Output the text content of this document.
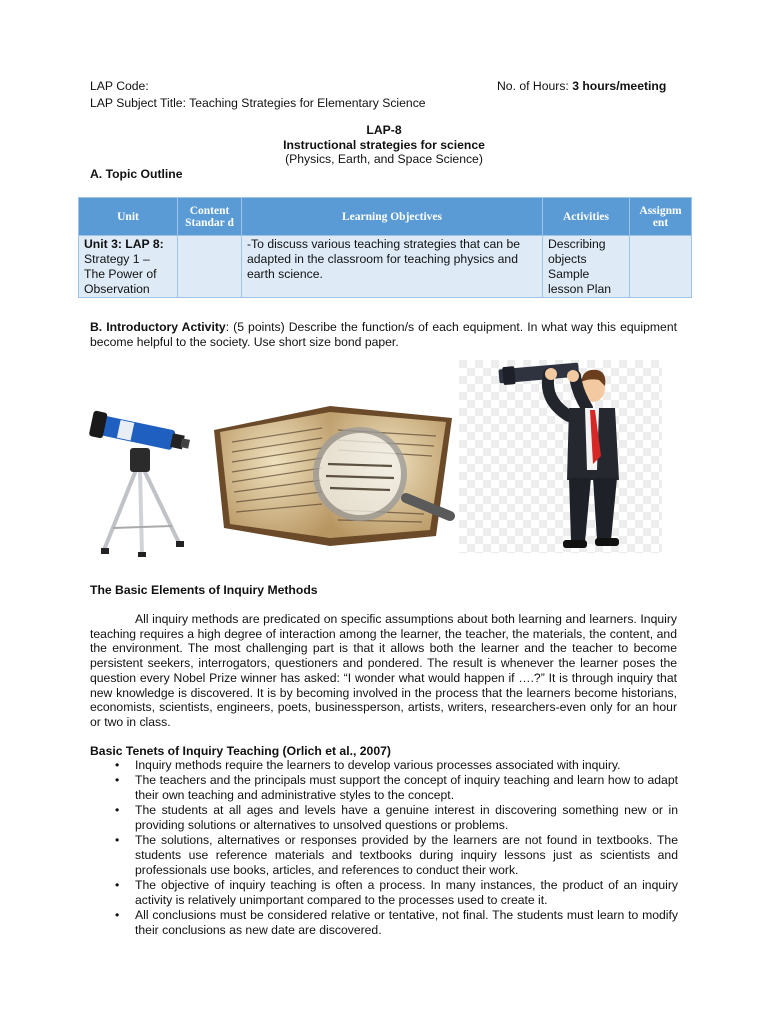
LAP Code:	No. of Hours: 3 hours/meeting
LAP Subject Title: Teaching Strategies for Elementary Science
LAP-8
Instructional strategies for science
(Physics, Earth, and Space Science)
A. Topic Outline
Unit	Content Standar d	Learning Objectives	Activities	Assignm ent
Unit 3: LAP 8:
Strategy 1 – The Power of Observation		-To discuss various teaching strategies that can be adapted in the classroom for teaching physics and earth science.	Describing objects Sample lesson Plan	

B. Introductory Activity: (5 points) Describe the function/s of each equipment. In what way this equipment become helpful to the society. Use short size bond paper.

The Basic Elements of Inquiry Methods

All inquiry methods are predicated on specific assumptions about both learning and learners. Inquiry teaching requires a high degree of interaction among the learner, the teacher, the materials, the content, and the environment. The most challenging part is that it allows both the learner and the teacher to become persistent seekers, interrogators, questioners and pondered. The result is whenever the learner poses the question every Nobel Prize winner has asked: “I wonder what would happen if ….?” It is through inquiry that new knowledge is discovered. It is by becoming involved in the process that the learners become historians, economists, scientists, engineers, poets, businessperson, artists, writers, researchers-even only for an hour or two in class.

Basic Tenets of Inquiry Teaching (Orlich et al., 2007)
• Inquiry methods require the learners to develop various processes associated with inquiry.
• The teachers and the principals must support the concept of inquiry teaching and learn how to adapt their own teaching and administrative styles to the concept.
• The students at all ages and levels have a genuine interest in discovering something new or in providing solutions or alternatives to unsolved questions or problems.
• The solutions, alternatives or responses provided by the learners are not found in textbooks. The students use reference materials and textbooks during inquiry lessons just as scientists and professionals use books, articles, and references to conduct their work.
• The objective of inquiry teaching is often a process. In many instances, the product of an inquiry activity is relatively unimportant compared to the processes used to create it.
• All conclusions must be considered relative or tentative, not final. The students must learn to modify their conclusions as new date are discovered.
